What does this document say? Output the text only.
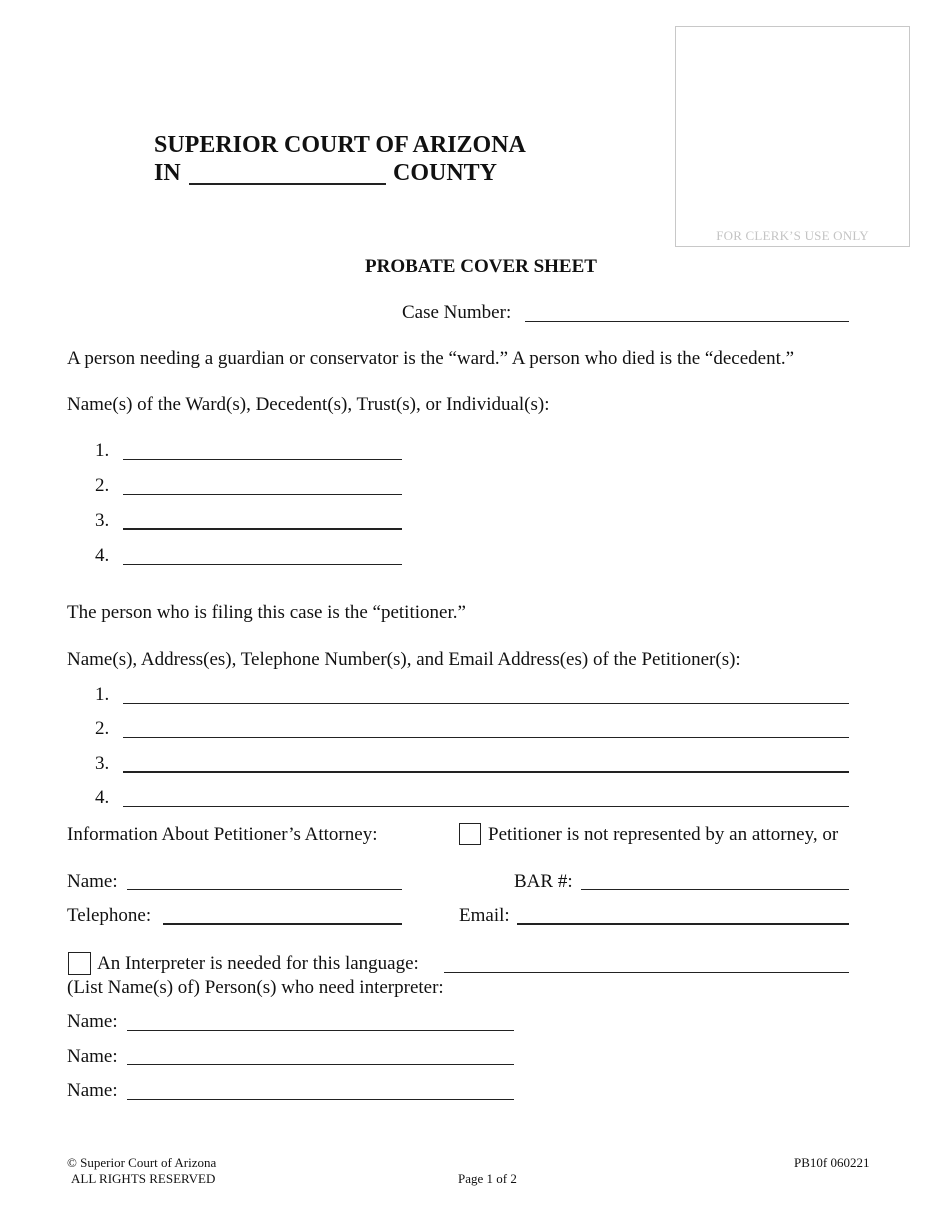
SUPERIOR COURT OF ARIZONA
IN	COUNTY
FOR CLERK’S USE ONLY
PROBATE COVER SHEET
Case Number:
A person needing a guardian or conservator is the “ward.” A person who died is the “decedent.”
Name(s) of the Ward(s), Decedent(s), Trust(s), or Individual(s):
1.
2.
3.
4.
The person who is filing this case is the “petitioner.”
Name(s), Address(es), Telephone Number(s), and Email Address(es) of the Petitioner(s):
1.
2.
3.
4.
Information About Petitioner’s Attorney:	Petitioner is not represented by an attorney, or
Name:	BAR #:
Telephone:	Email:
An Interpreter is needed for this language:
(List Name(s) of) Person(s) who need interpreter:
Name:
Name:
Name:
© Superior Court of Arizona
ALL RIGHTS RESERVED	Page 1 of 2
PB10f 060221
